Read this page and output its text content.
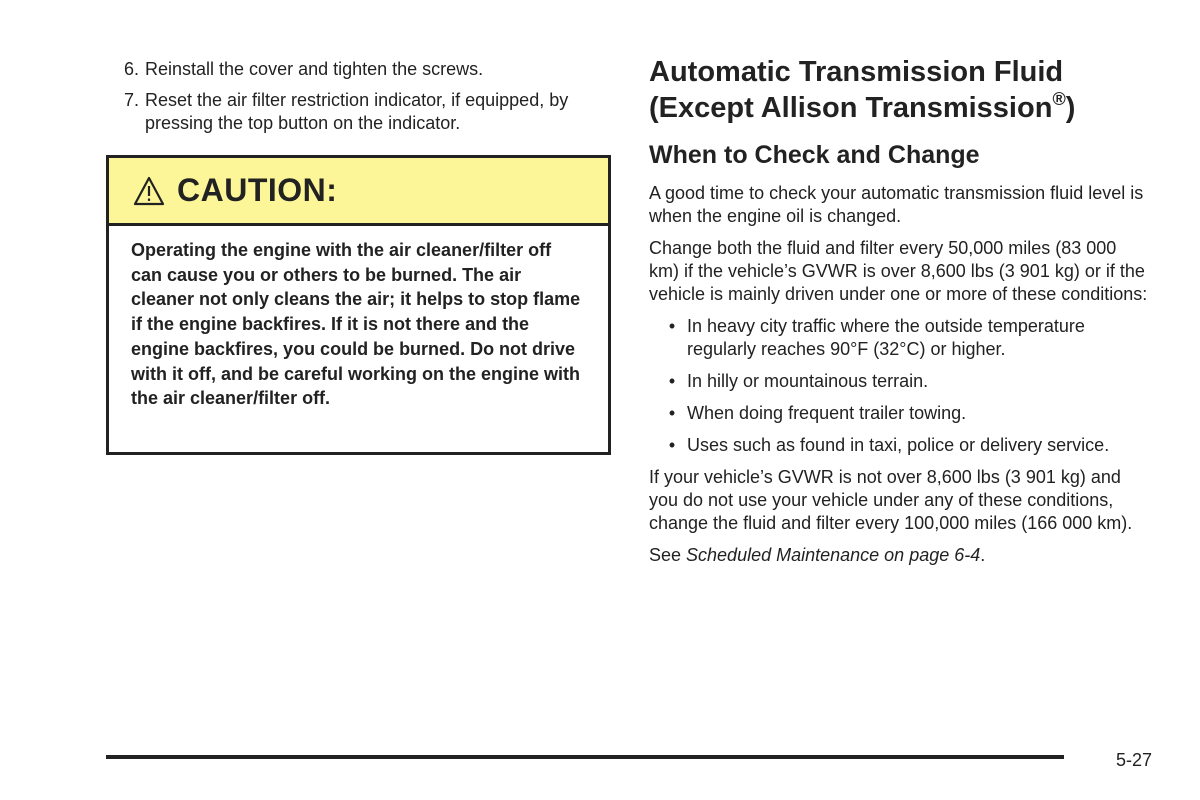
6. Reinstall the cover and tighten the screws.
7. Reset the air filter restriction indicator, if equipped, by pressing the top button on the indicator.
CAUTION:
Operating the engine with the air cleaner/filter off can cause you or others to be burned. The air cleaner not only cleans the air; it helps to stop flame if the engine backfires. If it is not there and the engine backfires, you could be burned. Do not drive with it off, and be careful working on the engine with the air cleaner/filter off.
Automatic Transmission Fluid (Except Allison Transmission®)
When to Check and Change

A good time to check your automatic transmission fluid level is when the engine oil is changed.

Change both the fluid and filter every 50,000 miles (83 000 km) if the vehicle’s GVWR is over 8,600 lbs (3 901 kg) or if the vehicle is mainly driven under one or more of these conditions:

• In heavy city traffic where the outside temperature regularly reaches 90°F (32°C) or higher.
• In hilly or mountainous terrain.
• When doing frequent trailer towing.
• Uses such as found in taxi, police or delivery service.

If your vehicle’s GVWR is not over 8,600 lbs (3 901 kg) and you do not use your vehicle under any of these conditions, change the fluid and filter every 100,000 miles (166 000 km).

See Scheduled Maintenance on page 6-4.

5-27
